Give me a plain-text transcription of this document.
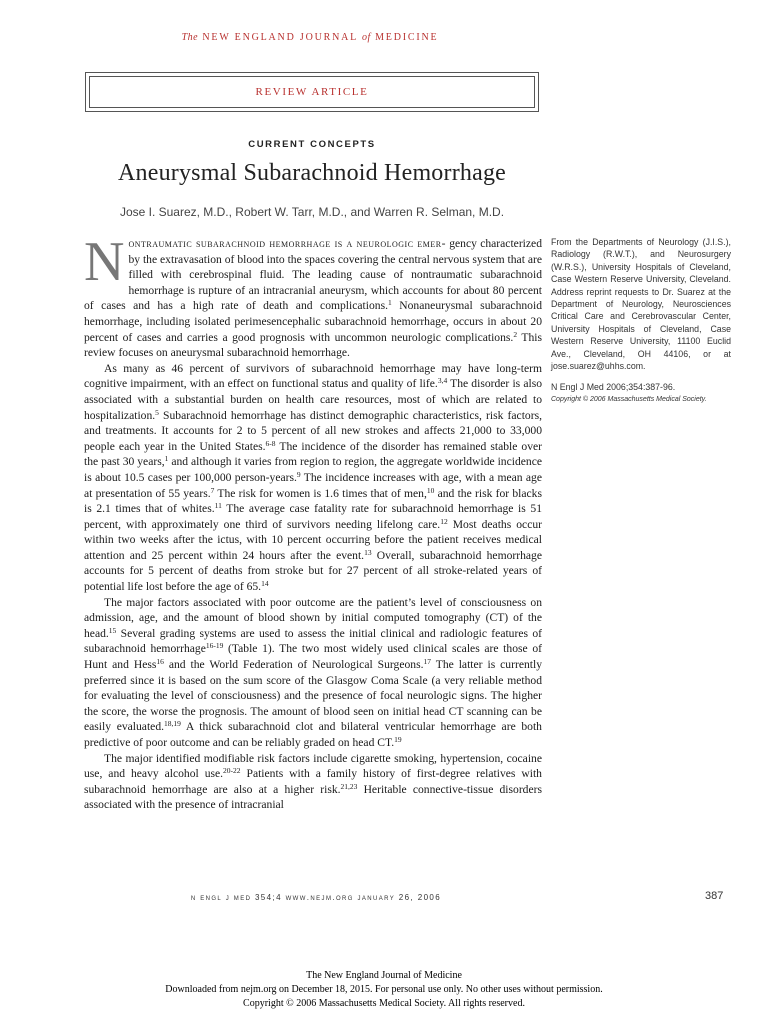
The NEW ENGLAND JOURNAL of MEDICINE
REVIEW ARTICLE
CURRENT CONCEPTS
Aneurysmal Subarachnoid Hemorrhage
Jose I. Suarez, M.D., Robert W. Tarr, M.D., and Warren R. Selman, M.D.

Nontraumatic subarachnoid hemorrhage is a neurologic emer- gency characterized by the extravasation of blood into the spaces covering the central nervous system that are filled with cerebrospinal fluid. The leading cause of nontraumatic subarachnoid hemorrhage is rupture of an intracranial aneurysm, which accounts for about 80 percent of cases and has a high rate of death and complications.$^1$ Nonaneurysmal subarachnoid hemorrhage, including isolated perimesencephalic subarachnoid hemorrhage, occurs in about 20 percent of cases and carries a good prognosis with uncommon neurologic complications.$^2$ This review focuses on aneurysmal subarachnoid hemorrhage.

As many as 46 percent of survivors of subarachnoid hemorrhage may have long-term cognitive impairment, with an effect on functional status and quality of life.$^{3,4}$ The disorder is also associated with a substantial burden on health care resources, most of which are related to hospitalization.$^5$ Subarachnoid hemorrhage has distinct demographic characteristics, risk factors, and treatments. It accounts for 2 to 5 percent of all new strokes and affects 21,000 to 33,000 people each year in the United States.$^{6-8}$ The incidence of the disorder has remained stable over the past 30 years,$^1$ and although it varies from region to region, the aggregate worldwide incidence is about 10.5 cases per 100,000 person-years.$^9$ The incidence increases with age, with a mean age at presentation of 55 years.$^7$ The risk for women is 1.6 times that of men,$^{10}$ and the risk for blacks is 2.1 times that of whites.$^{11}$ The average case fatality rate for subarachnoid hemorrhage is 51 percent, with approximately one third of survivors needing lifelong care.$^{12}$ Most deaths occur within two weeks after the ictus, with 10 percent occurring before the patient receives medical attention and 25 percent within 24 hours after the event.$^{13}$ Overall, subarachnoid hemorrhage accounts for 5 percent of deaths from stroke but for 27 percent of all stroke-related years of potential life lost before the age of 65.14

The major factors associated with poor outcome are the patient’s level of consciousness on admission, age, and the amount of blood shown by initial computed tomography (CT) of the head.$^{15}$ Several grading systems are used to assess the initial clinical and radiologic features of subarachnoid hemorrhage$^{16-19}$ (Table 1). The two most widely used clinical scales are those of Hunt and Hess$^{16}$ and the World Federation of Neurological Surgeons.$^{17}$ The latter is currently preferred since it is based on the sum score of the Glasgow Coma Scale (a very reliable method for evaluating the level of consciousness) and the presence of focal neurologic signs. The higher the score, the worse the prognosis. The amount of blood seen on initial head CT scanning can be easily evaluated.$^{18,19}$ A thick subarachnoid clot and bilateral ventricular hemorrhage are both predictive of poor outcome and can be reliably graded on head CT.$^{19}$

The major identified modifiable risk factors include cigarette smoking, hypertension, cocaine use, and heavy alcohol use.$^{20-22}$ Patients with a family history of first-degree relatives with subarachnoid hemorrhage are also at a higher risk.$^{21,23}$ Heritable connective-tissue disorders associated with the presence of intracranial

From the Departments of Neurology (J.I.S.), Radiology (R.W.T.), and Neurosurgery (W.R.S.), University Hospitals of Cleveland, Case Western Reserve University, Cleveland. Address reprint requests to Dr. Suarez at the Department of Neurology, Neurosciences Critical Care and Cerebrovascular Center, University Hospitals of Cleveland, Case Western Reserve University, 11100 Euclid Ave., Cleveland, OH 44106, or at jose.suarez@uhhs.com.
N Engl J Med 2006;354:387-96.
Copyright © 2006 Massachusetts Medical Society.
n engl j med 354;4 www.nejm.org january 26, 2006	387
The New England Journal of Medicine
Downloaded from nejm.org on December 18, 2015. For personal use only. No other uses without permission.
Copyright © 2006 Massachusetts Medical Society. All rights reserved.
